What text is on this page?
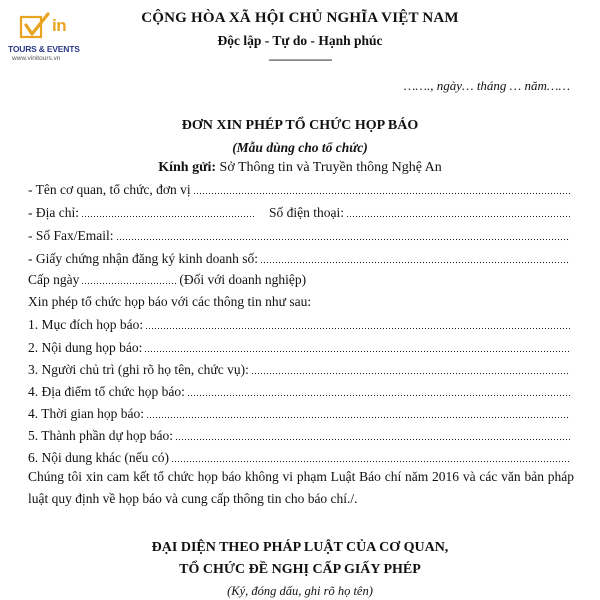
in
TOURS & EVENTS
www.vinitours.vn
CỘNG HÒA XÃ HỘI CHỦ NGHĨA VIỆT NAM
Độc lập - Tự do - Hạnh phúc
---------------------
……., ngày… tháng … năm……
ĐƠN XIN PHÉP TỔ CHỨC HỌP BÁO
(Mẫu dùng cho tổ chức)
Kính gửi: Sở Thông tin và Truyền thông Nghệ An
- Tên cơ quan, tổ chức, đơn vị
- Địa chỉ:	Số điện thoại:
- Số Fax/Email:
- Giấy chứng nhận đăng ký kinh doanh số:
Cấp ngày	(Đối với doanh nghiệp)
Xin phép tổ chức họp báo với các thông tin như sau:
1. Mục đích họp báo:
2. Nội dung họp báo:
3. Người chủ trì (ghi rõ họ tên, chức vụ):
4. Địa điểm tổ chức họp báo:
4. Thời gian họp báo:
5. Thành phần dự họp báo:
6. Nội dung khác (nếu có)
Chúng tôi xin cam kết tổ chức họp báo không vi phạm Luật Báo chí năm 2016 và các văn bản pháp luật quy định về họp báo và cung cấp thông tin cho báo chí./.
ĐẠI DIỆN THEO PHÁP LUẬT CỦA CƠ QUAN,
TỔ CHỨC ĐỀ NGHỊ CẤP GIẤY PHÉP
(Ký, đóng dấu, ghi rõ họ tên)
